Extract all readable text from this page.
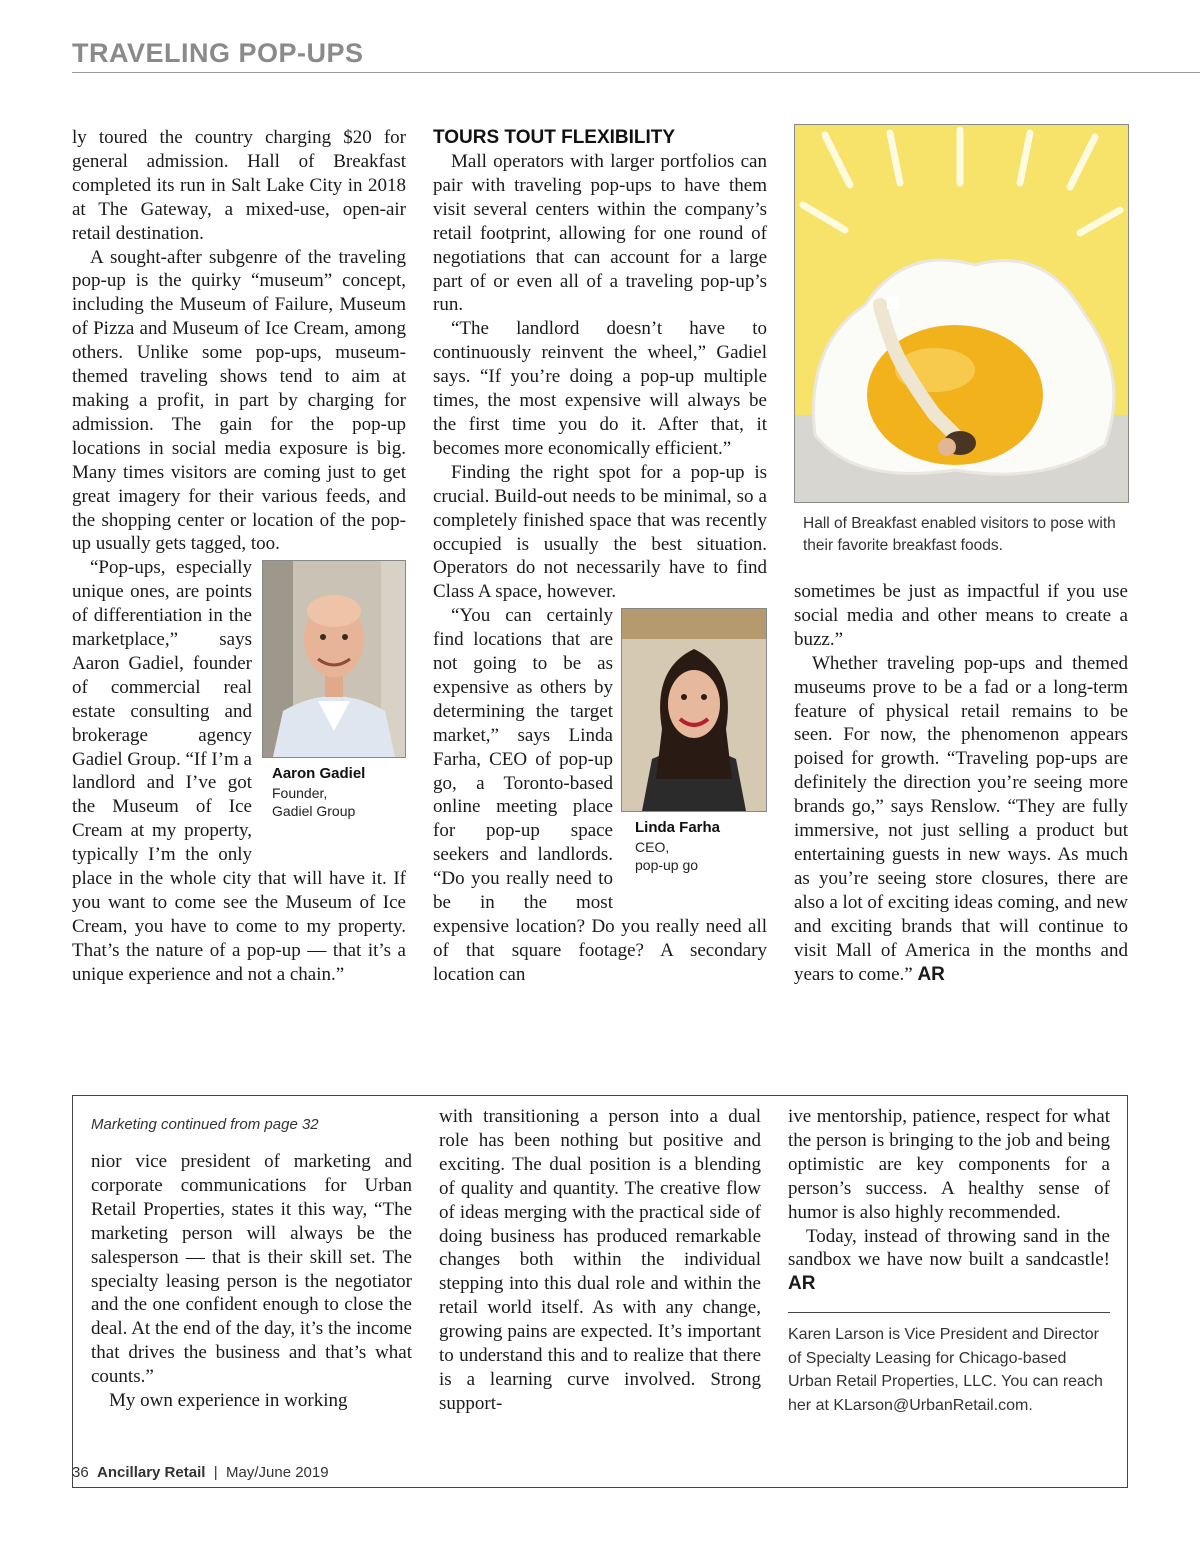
TRAVELING POP-UPS

ly toured the country charging $20 for general admission. Hall of Breakfast completed its run in Salt Lake City in 2018 at The Gateway, a mixed-use, open-air retail destination.

A sought-after subgenre of the traveling pop-up is the quirky “museum” concept, including the Museum of Failure, Museum of Pizza and Museum of Ice Cream, among others. Unlike some pop-ups, museum-themed traveling shows tend to aim at making a profit, in part by charging for admission. The gain for the pop-up locations in social media exposure is big. Many times visitors are coming just to get great imagery for their various feeds, and the shopping center or location of the pop-up usually gets tagged, too.

Aaron Gadiel
Founder,
Gadiel Group

“Pop-ups, especially unique ones, are points of differentiation in the marketplace,” says Aaron Gadiel, founder of commercial real estate consulting and brokerage agency Gadiel Group. “If I’m a landlord and I’ve got the Museum of Ice Cream at my property, typically I’m the only place in the whole city that will have it. If you want to come see the Museum of Ice Cream, you have to come to my property. That’s the nature of a pop-up — that it’s a unique experience and not a chain.”

TOURS TOUT FLEXIBILITY

Mall operators with larger portfolios can pair with traveling pop-ups to have them visit several centers within the company’s retail footprint, allowing for one round of negotiations that can account for a large part of or even all of a traveling pop-up’s run.

“The landlord doesn’t have to continuously reinvent the wheel,” Gadiel says. “If you’re doing a pop-up multiple times, the most expensive will always be the first time you do it. After that, it becomes more economically efficient.”

Finding the right spot for a pop-up is crucial. Build-out needs to be minimal, so a completely finished space that was recently occupied is usually the best situation. Operators do not necessarily have to find Class A space, however.

Linda Farha
CEO,
pop-up go

“You can certainly find locations that are not going to be as expensive as others by determining the target market,” says Linda Farha, CEO of pop-up go, a Toronto-based online meeting place for pop-up space seekers and landlords. “Do you really need to be in the most expensive location? Do you really need all of that square footage? A secondary location can

Hall of Breakfast enabled visitors to pose with their favorite breakfast foods.

sometimes be just as impactful if you use social media and other means to create a buzz.”

Whether traveling pop-ups and themed museums prove to be a fad or a long-term feature of physical retail remains to be seen. For now, the phenomenon appears poised for growth. “Traveling pop-ups are definitely the direction you’re seeing more brands go,” says Renslow. “They are fully immersive, not just selling a product but entertaining guests in new ways. As much as you’re seeing store closures, there are also a lot of exciting ideas coming, and new and exciting brands that will continue to visit Mall of America in the months and years to come.” AR

Marketing continued from page 32

nior vice president of marketing and corporate communications for Urban Retail Properties, states it this way, “The marketing person will always be the salesperson — that is their skill set. The specialty leasing person is the negotiator and the one confident enough to close the deal. At the end of the day, it’s the income that drives the business and that’s what counts.”

My own experience in working

with transitioning a person into a dual role has been nothing but positive and exciting. The dual position is a blending of quality and quantity. The creative flow of ideas merging with the practical side of doing business has produced remarkable changes both within the individual stepping into this dual role and within the retail world itself. As with any change, growing pains are expected. It’s important to understand this and to realize that there is a learning curve involved. Strong support-

ive mentorship, patience, respect for what the person is bringing to the job and being optimistic are key components for a person’s success. A healthy sense of humor is also highly recommended.

Today, instead of throwing sand in the sandbox we have now built a sandcastle! AR

Karen Larson is Vice President and Director of Specialty Leasing for Chicago-based Urban Retail Properties, LLC. You can reach her at KLarson@UrbanRetail.com.
36 Ancillary Retail | May/June 2019
